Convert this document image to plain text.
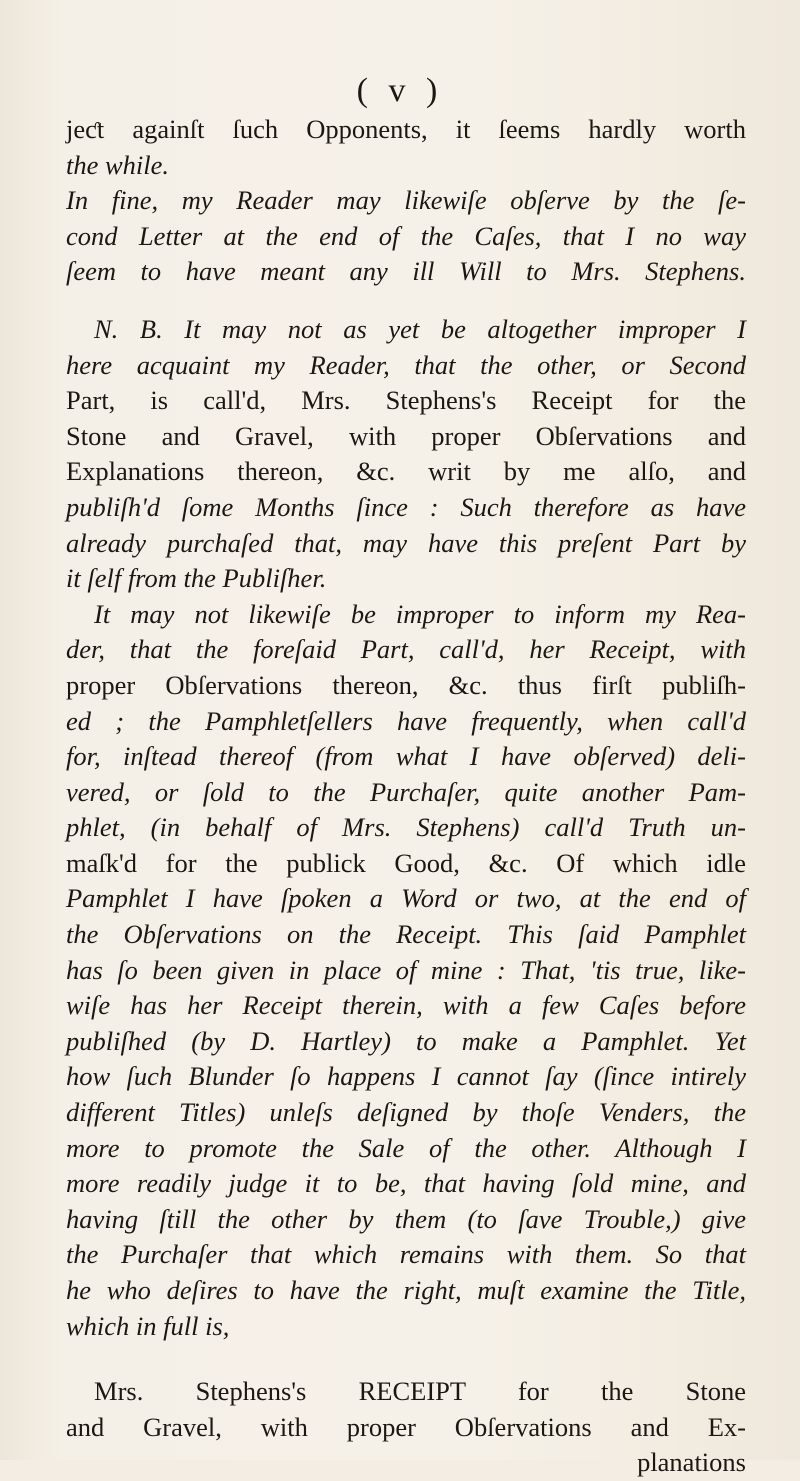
( v )
jeƈt againſt ſuch Opponents, it ſeems hardly worth
the while.
In fine, my Reader may likewiſe obſerve by the ſe-
cond Letter at the end of the Caſes, that I no way
ſeem to have meant any ill Will to Mrs. Stephens.
N. B. It may not as yet be altogether improper I
here acquaint my Reader, that the other, or Second
Part, is call'd, Mrs. Stephens's Receipt for the
Stone and Gravel, with proper Obſervations and
Explanations thereon, &c. writ by me alſo, and
publiſh'd ſome Months ſince : Such therefore as have
already purchaſed that, may have this preſent Part by
it ſelf from the Publiſher.
It may not likewiſe be improper to inform my Rea-
der, that the foreſaid Part, call'd, her Receipt, with
proper Obſervations thereon, &c. thus firſt publiſh-
ed ; the Pamphletſellers have frequently, when call'd
for, inſtead thereof (from what I have obſerved) deli-
vered, or ſold to the Purchaſer, quite another Pam-
phlet, (in behalf of Mrs. Stephens) call'd Truth un-
maſk'd for the publick Good, &c. Of which idle
Pamphlet I have ſpoken a Word or two, at the end of
the Obſervations on the Receipt. This ſaid Pamphlet
has ſo been given in place of mine : That, 'tis true, like-
wiſe has her Receipt therein, with a few Caſes before
publiſhed (by D. Hartley) to make a Pamphlet. Yet
how ſuch Blunder ſo happens I cannot ſay (ſince intirely
different Titles) unleſs deſigned by thoſe Venders, the
more to promote the Sale of the other. Although I
more readily judge it to be, that having ſold mine, and
having ſtill the other by them (to ſave Trouble,) give
the Purchaſer that which remains with them. So that
he who deſires to have the right, muſt examine the Title,
which in full is,
Mrs. Stephens's RECEIPT for the Stone
and Gravel, with proper Obſervations and Ex-
planations
